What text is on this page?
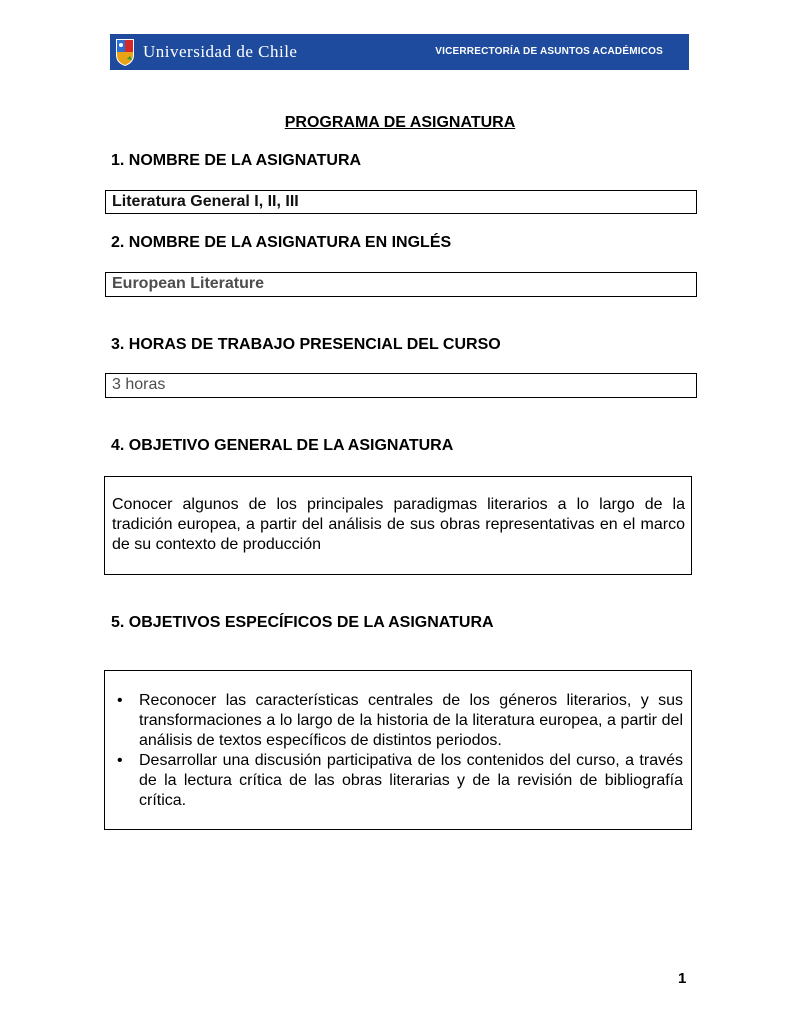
Universidad de Chile	VICERRECTORÍA DE ASUNTOS ACADÉMICOS
PROGRAMA DE ASIGNATURA
1. NOMBRE DE LA ASIGNATURA
Literatura General I, II, III
2. NOMBRE DE LA ASIGNATURA EN INGLÉS
European Literature
3. HORAS DE TRABAJO PRESENCIAL DEL CURSO
3 horas
4. OBJETIVO GENERAL DE LA ASIGNATURA
Conocer algunos de los principales paradigmas literarios a lo largo de la tradición europea, a partir del análisis de sus obras representativas en el marco de su contexto de producción
5. OBJETIVOS ESPECÍFICOS DE LA ASIGNATURA
• Reconocer las características centrales de los géneros literarios, y sus transformaciones a lo largo de la historia de la literatura europea, a partir del análisis de textos específicos de distintos periodos.
• Desarrollar una discusión participativa de los contenidos del curso, a través de la lectura crítica de las obras literarias y de la revisión de bibliografía crítica.
1
